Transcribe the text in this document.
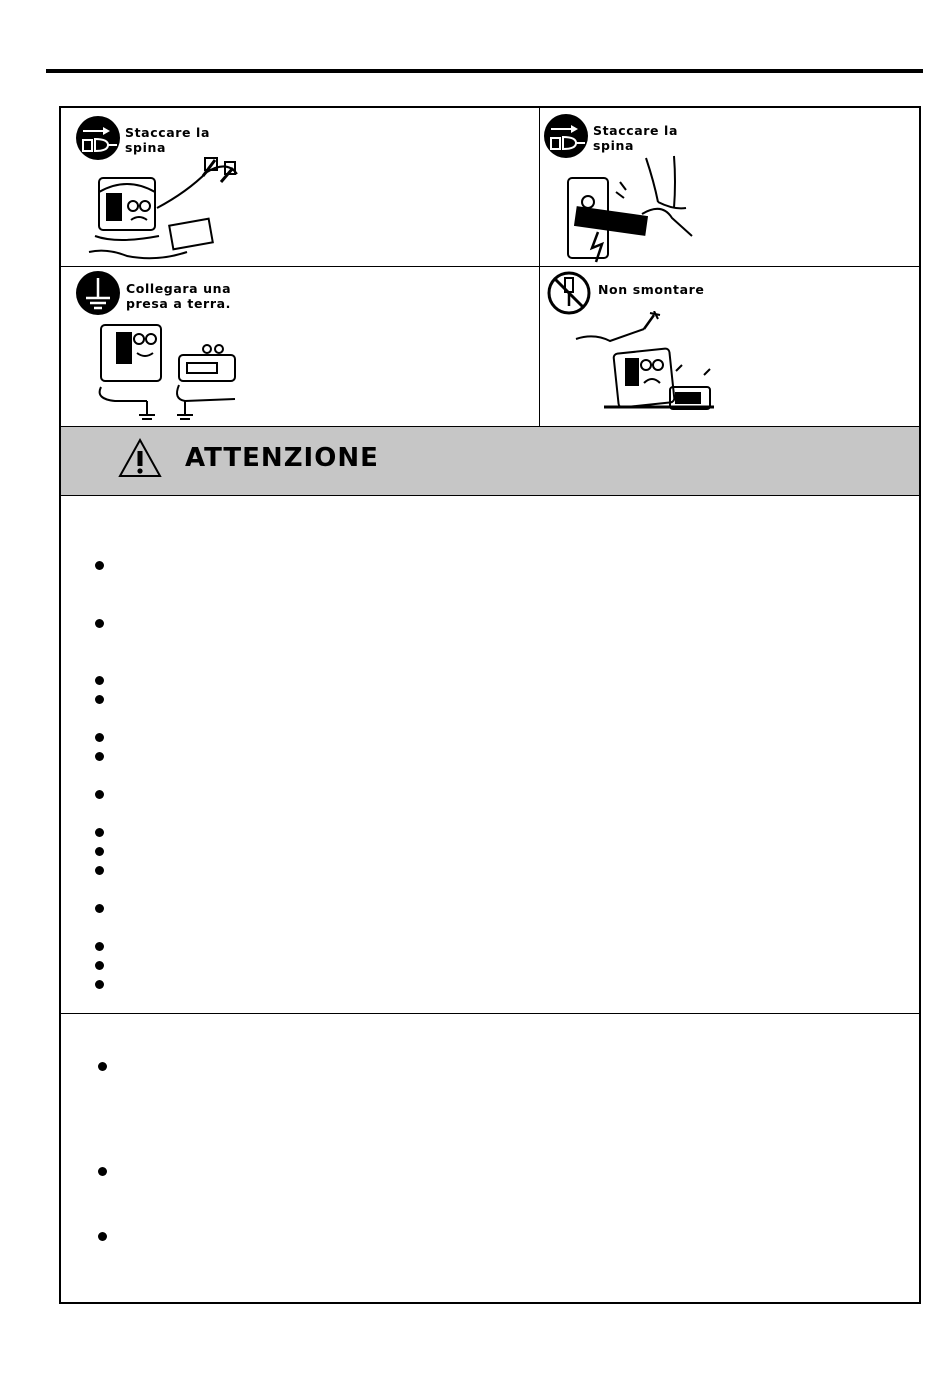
Staccare la
spina
Staccare la
spina
Collegara una
presa a terra.
Non smontare
ATTENZIONE
